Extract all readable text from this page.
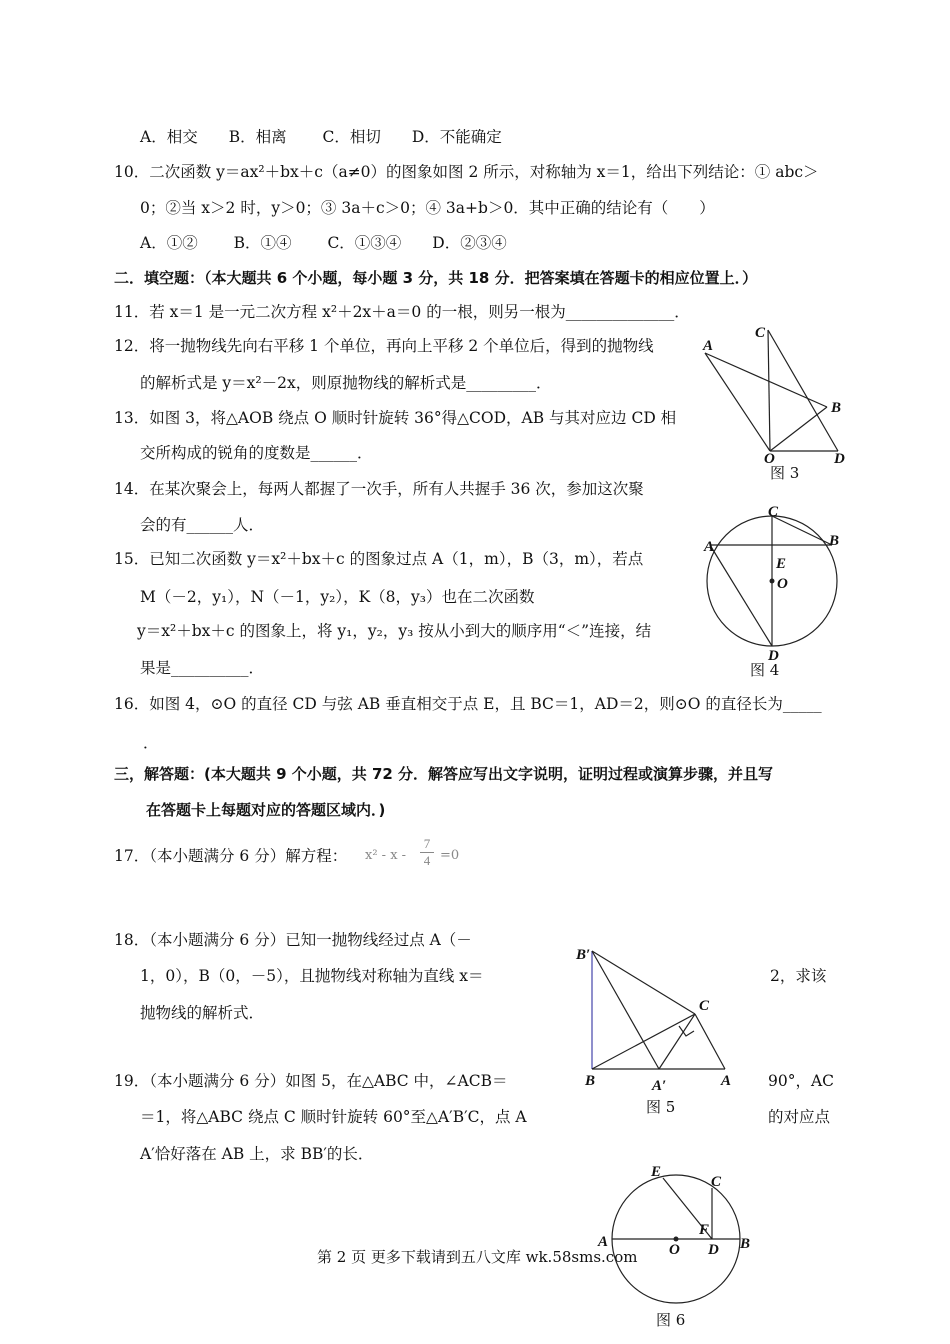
A．相交　　B．相离　　 C．相切　　D．不能确定
10．二次函数 y＝ax²＋bx＋c（a≠0）的图象如图 2 所示，对称轴为 x＝1，给出下列结论：① abc＞
0；②当 x＞2 时，y＞0；③ 3a＋c＞0；④ 3a+b＞0．其中正确的结论有（　　）
A．①②　　 B．①④　　 C．①③④　　D．②③④
二．填空题：（本大题共 6 个小题，每小题 3 分，共 18 分．把答案填在答题卡的相应位置上．）
11．若 x＝1 是一元二次方程 x²＋2x＋a＝0 的一根，则另一根为______________．
12．将一抛物线先向右平移 1 个单位，再向上平移 2 个单位后，得到的抛物线
的解析式是 y＝x²－2x，则原抛物线的解析式是_________．
13．如图 3，将△AOB 绕点 O 顺时针旋转 36°得△COD，AB 与其对应边 CD 相
交所构成的锐角的度数是______．
14．在某次聚会上，每两人都握了一次手，所有人共握手 36 次，参加这次聚
会的有______人．
15．已知二次函数 y＝x²＋bx＋c 的图象过点 A（1，m），B（3，m），若点
M（－2，y₁），N（－1，y₂），K（8，y₃）也在二次函数
y＝x²＋bx＋c 的图象上，将 y₁，y₂，y₃ 按从小到大的顺序用“＜”连接，结
果是__________．
16．如图 4，⊙O 的直径 CD 与弦 AB 垂直相交于点 E，且 BC＝1，AD＝2，则⊙O 的直径长为_____
．
三，解答题：(本大题共 9 个小题，共 72 分．解答应写出文字说明，证明过程或演算步骤，并且写
在答题卡上每题对应的答题区域内．)
17．（本小题满分 6 分）解方程： x² - x -
7
4 =0
18．（本小题满分 6 分）已知一抛物线经过点 A（－
2，求该
1，0），B（0，－5），且抛物线对称轴为直线 x＝
抛物线的解析式．
19．（本小题满分 6 分）如图 5，在△ABC 中，∠ACB＝	90°，AC
＝1，将△ABC 绕点 C 顺时针旋转 60°至△A′B′C，点 A	的对应点
A′恰好落在 AB 上，求 BB′的长．
第 2 页 更多下载请到五八文库 wk.58sms.com
A
B
C
O	D
图 3
A	B
C
E
O
D
图 4
B′
C
B	A′	A
图 5
E
C
F
A	O D B
图 6
